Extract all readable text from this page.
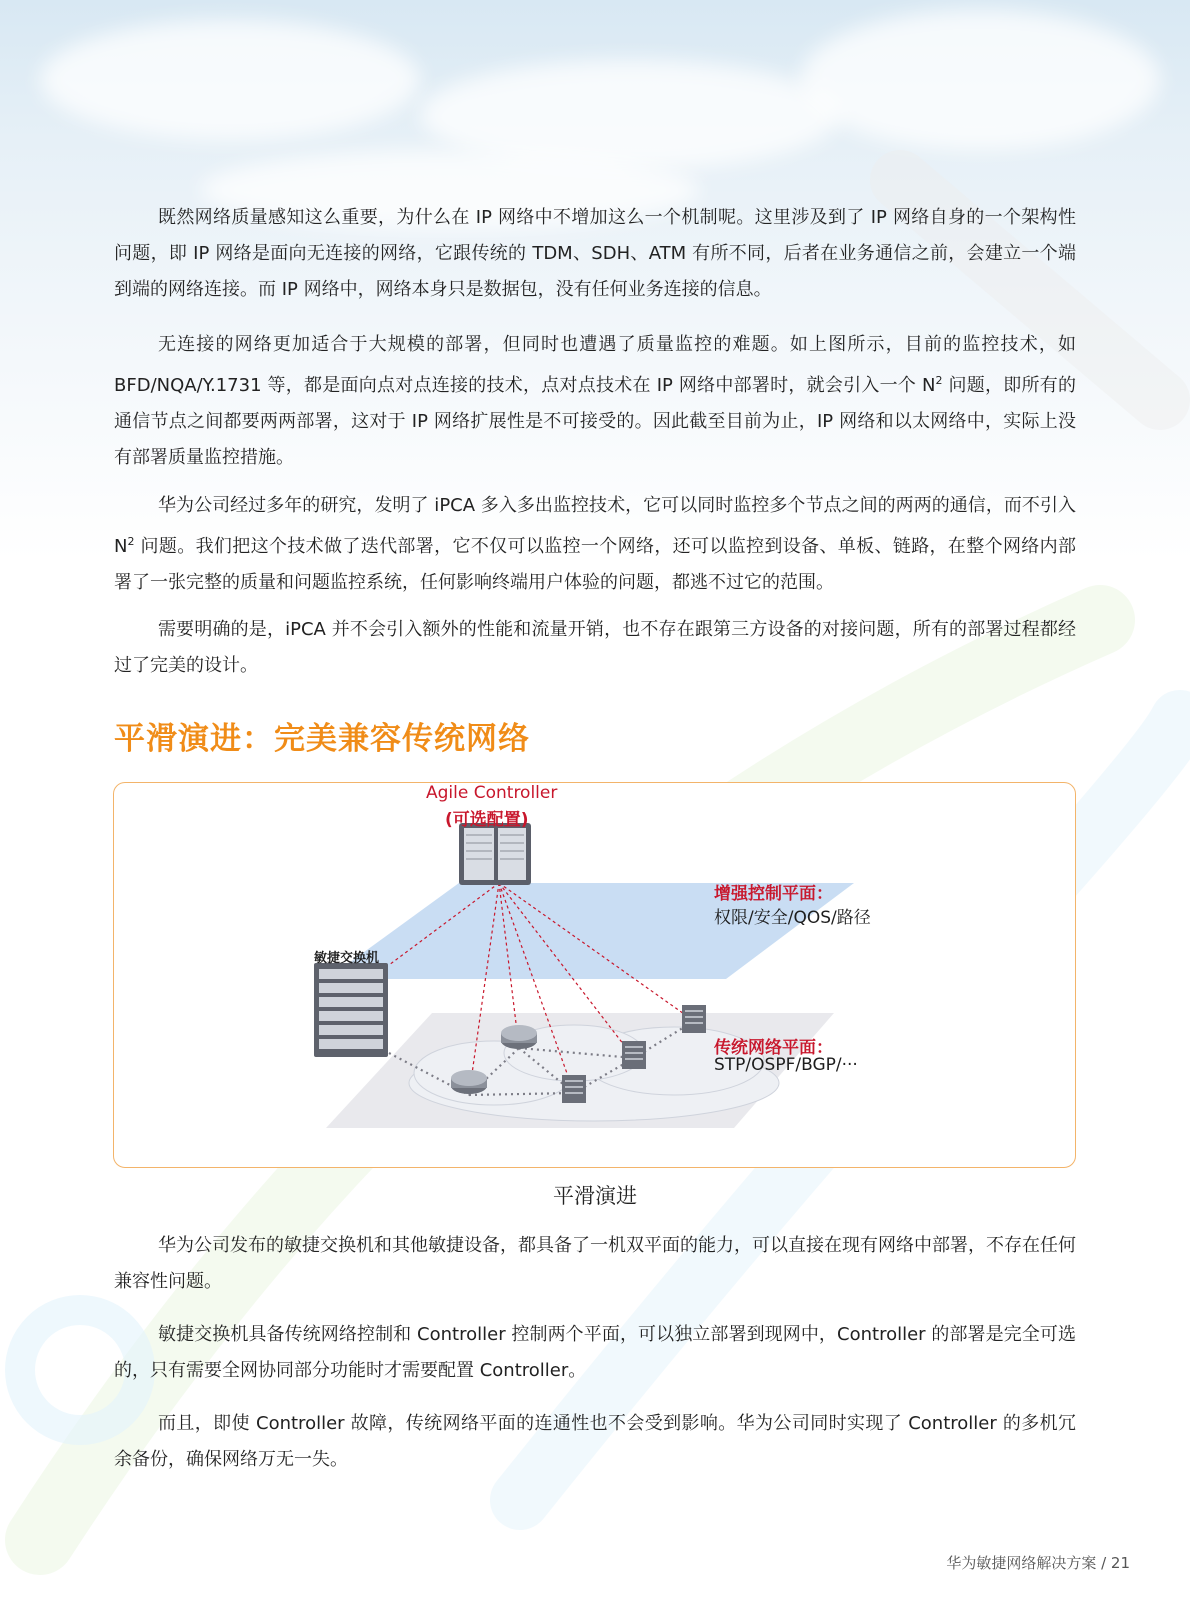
既然网络质量感知这么重要，为什么在 IP 网络中不增加这么一个机制呢。这里涉及到了 IP 网络自身的一个架构性问题，即 IP 网络是面向无连接的网络，它跟传统的 TDM、SDH、ATM 有所不同，后者在业务通信之前，会建立一个端到端的网络连接。而 IP 网络中，网络本身只是数据包，没有任何业务连接的信息。

无连接的网络更加适合于大规模的部署，但同时也遭遇了质量监控的难题。如上图所示，目前的监控技术，如 BFD/NQA/Y.1731 等，都是面向点对点连接的技术，点对点技术在 IP 网络中部署时，就会引入一个 $N^2$ 问题，即所有的通信节点之间都要两两部署，这对于 IP 网络扩展性是不可接受的。因此截至目前为止，IP 网络和以太网络中，实际上没有部署质量监控措施。

华为公司经过多年的研究，发明了 iPCA 多入多出监控技术，它可以同时监控多个节点之间的两两的通信，而不引入 $N^2$ 问题。我们把这个技术做了迭代部署，它不仅可以监控一个网络，还可以监控到设备、单板、链路，在整个网络内部署了一张完整的质量和问题监控系统，任何影响终端用户体验的问题，都逃不过它的范围。

需要明确的是，iPCA 并不会引入额外的性能和流量开销，也不存在跟第三方设备的对接问题，所有的部署过程都经过了完美的设计。

平滑演进：完美兼容传统网络

Agile Controller

(可选配置)

增强控制平面：

权限/安全/QOS/路径

敏捷交换机

传统网络平面：

STP/OSPF/BGP/···

平滑演进

华为公司发布的敏捷交换机和其他敏捷设备，都具备了一机双平面的能力，可以直接在现有网络中部署，不存在任何兼容性问题。

敏捷交换机具备传统网络控制和 Controller 控制两个平面，可以独立部署到现网中，Controller 的部署是完全可选的，只有需要全网协同部分功能时才需要配置 Controller。

而且，即使 Controller 故障，传统网络平面的连通性也不会受到影响。华为公司同时实现了 Controller 的多机冗余备份，确保网络万无一失。

华为敏捷网络解决方案 / 21
